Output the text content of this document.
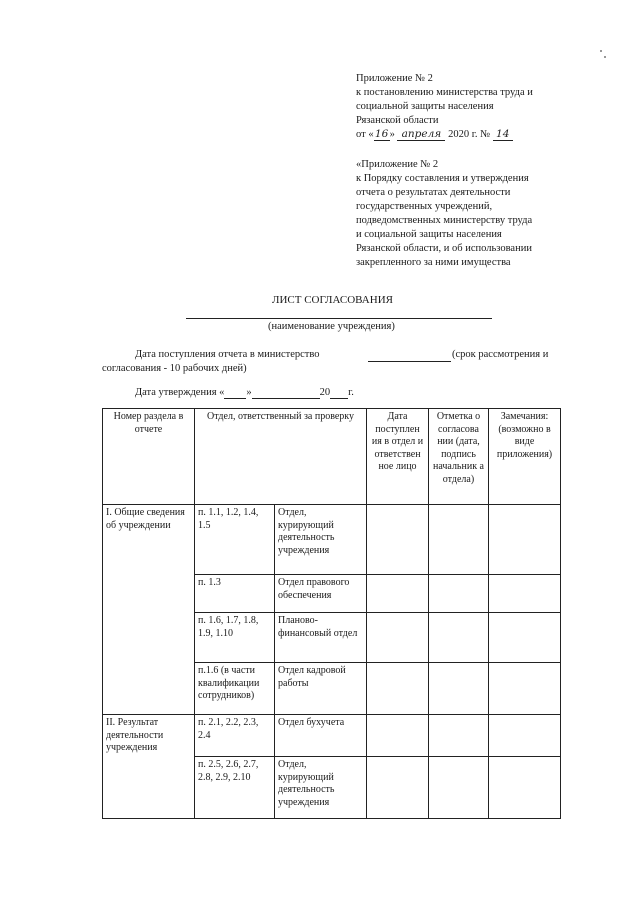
Приложение № 2
к постановлению министерства труда и
социальной защиты населения
Рязанской области
от «16» апреля 2020 г. № 14
«Приложение № 2
к Порядку составления и утверждения
отчета о результатах деятельности
государственных учреждений,
подведомственных министерству труда
и социальной защиты населения
Рязанской области, и об использовании
закрепленного за ними имущества
ЛИСТ СОГЛАСОВАНИЯ
(наименование учреждения)
Дата поступления отчета в министерство	(срок рассмотрения и
согласования - 10 рабочих дней)
Дата утверждения « »	20 г.
Номер раздела в отчете	Отдел, ответственный за проверку		Дата поступлен ия в отдел и ответствен ное лицо	Отметка о согласова нии (дата, подпись начальник а отдела)	Замечания: (возможно в виде приложения)
I. Общие сведения об учреждении	п. 1.1, 1.2, 1.4, 1.5	Отдел, курирующий деятельность учреждения			
	п. 1.3	Отдел правового обеспечения			
	п. 1.6, 1.7, 1.8, 1.9, 1.10	Планово-финансовый отдел			
	п.1.6 (в части квалификации сотрудников)	Отдел кадровой работы			
II. Результат деятельности учреждения	п. 2.1, 2.2, 2.3, 2.4	Отдел бухучета			
	п. 2.5, 2.6, 2.7, 2.8, 2.9, 2.10	Отдел, курирующий деятельность учреждения			
